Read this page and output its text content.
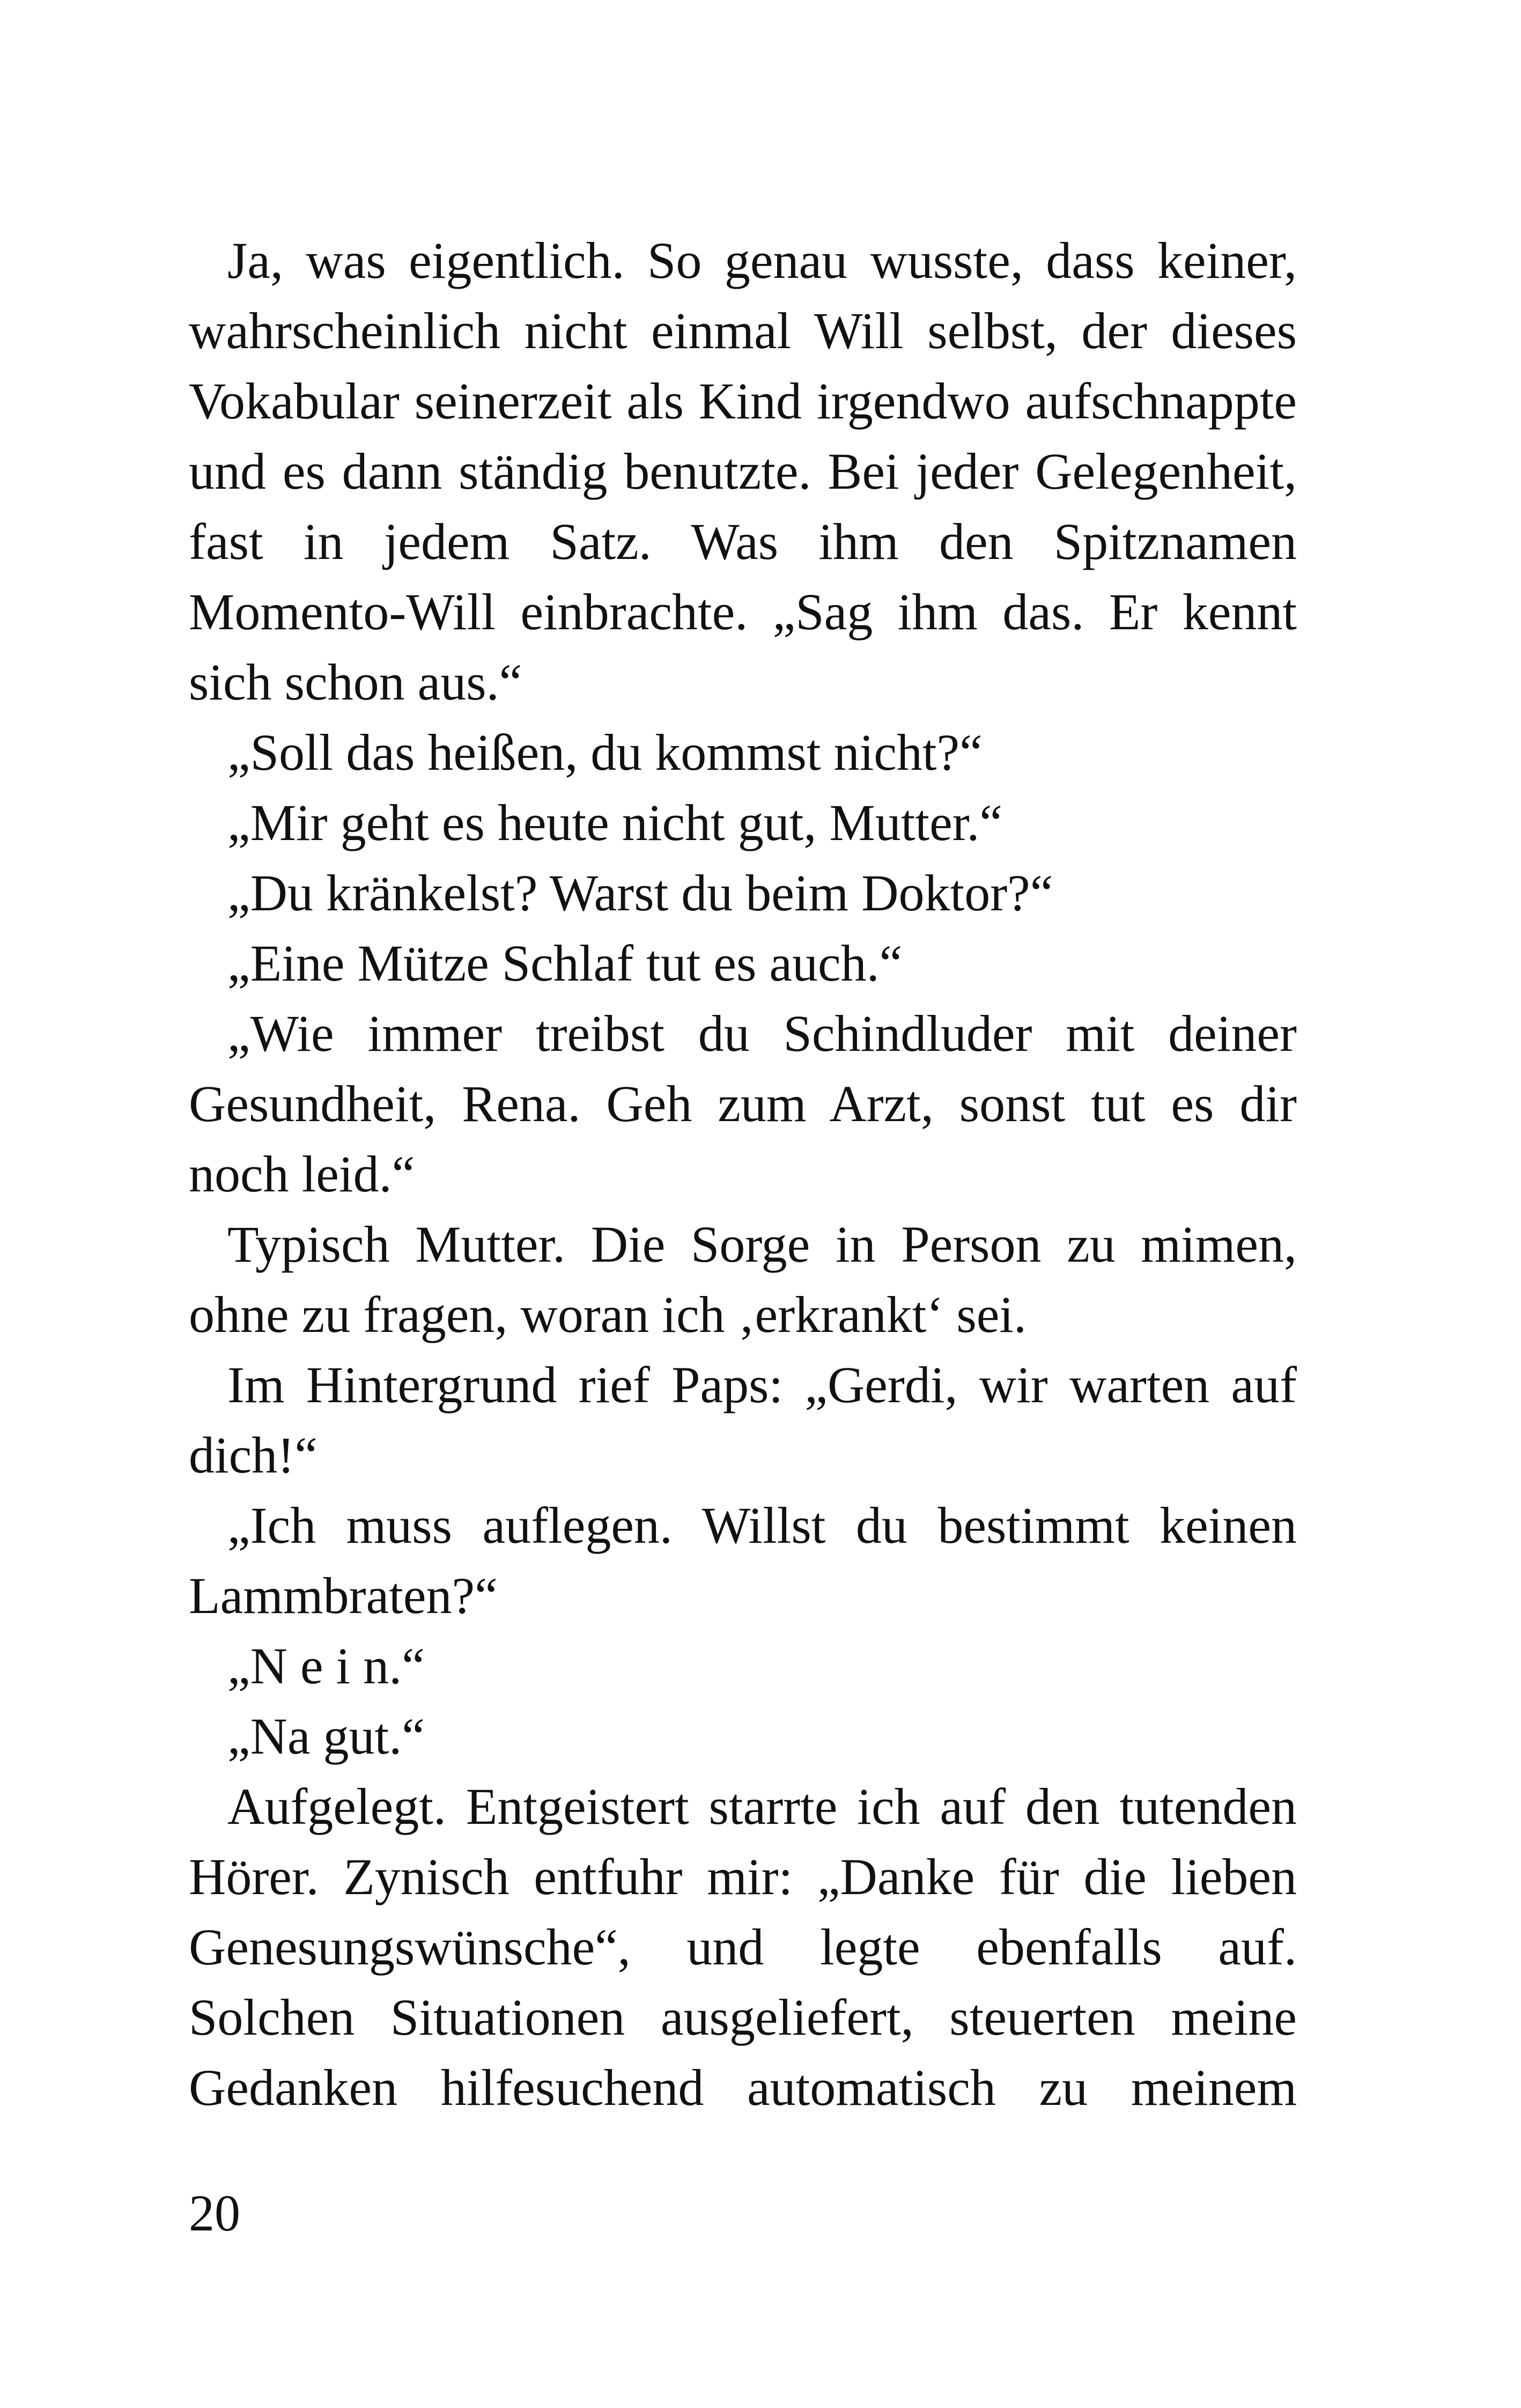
Ja, was eigentlich. So genau wusste, dass keiner, wahrscheinlich nicht einmal Will selbst, der dieses Vokabular seinerzeit als Kind irgendwo aufschnappte und es dann ständig benutzte. Bei jeder Gelegenheit, fast in jedem Satz. Was ihm den Spitznamen Momento-Will einbrachte. „Sag ihm das. Er kennt sich schon aus.“

„Soll das heißen, du kommst nicht?“

„Mir geht es heute nicht gut, Mutter.“

„Du kränkelst? Warst du beim Doktor?“

„Eine Mütze Schlaf tut es auch.“

„Wie immer treibst du Schindluder mit deiner Gesundheit, Rena. Geh zum Arzt, sonst tut es dir noch leid.“

Typisch Mutter. Die Sorge in Person zu mimen, ohne zu fragen, woran ich ‚erkrankt‘ sei.

Im Hintergrund rief Paps: „Gerdi, wir warten auf dich!“

„Ich muss auflegen. Willst du bestimmt keinen Lammbraten?“

„N e i n.“

„Na gut.“

Aufgelegt. Entgeistert starrte ich auf den tutenden Hörer. Zynisch entfuhr mir: „Danke für die lieben Genesungswünsche“, und legte ebenfalls auf. Solchen Situationen ausgeliefert, steuerten meine Gedanken hilfesuchend automatisch zu meinem

20
